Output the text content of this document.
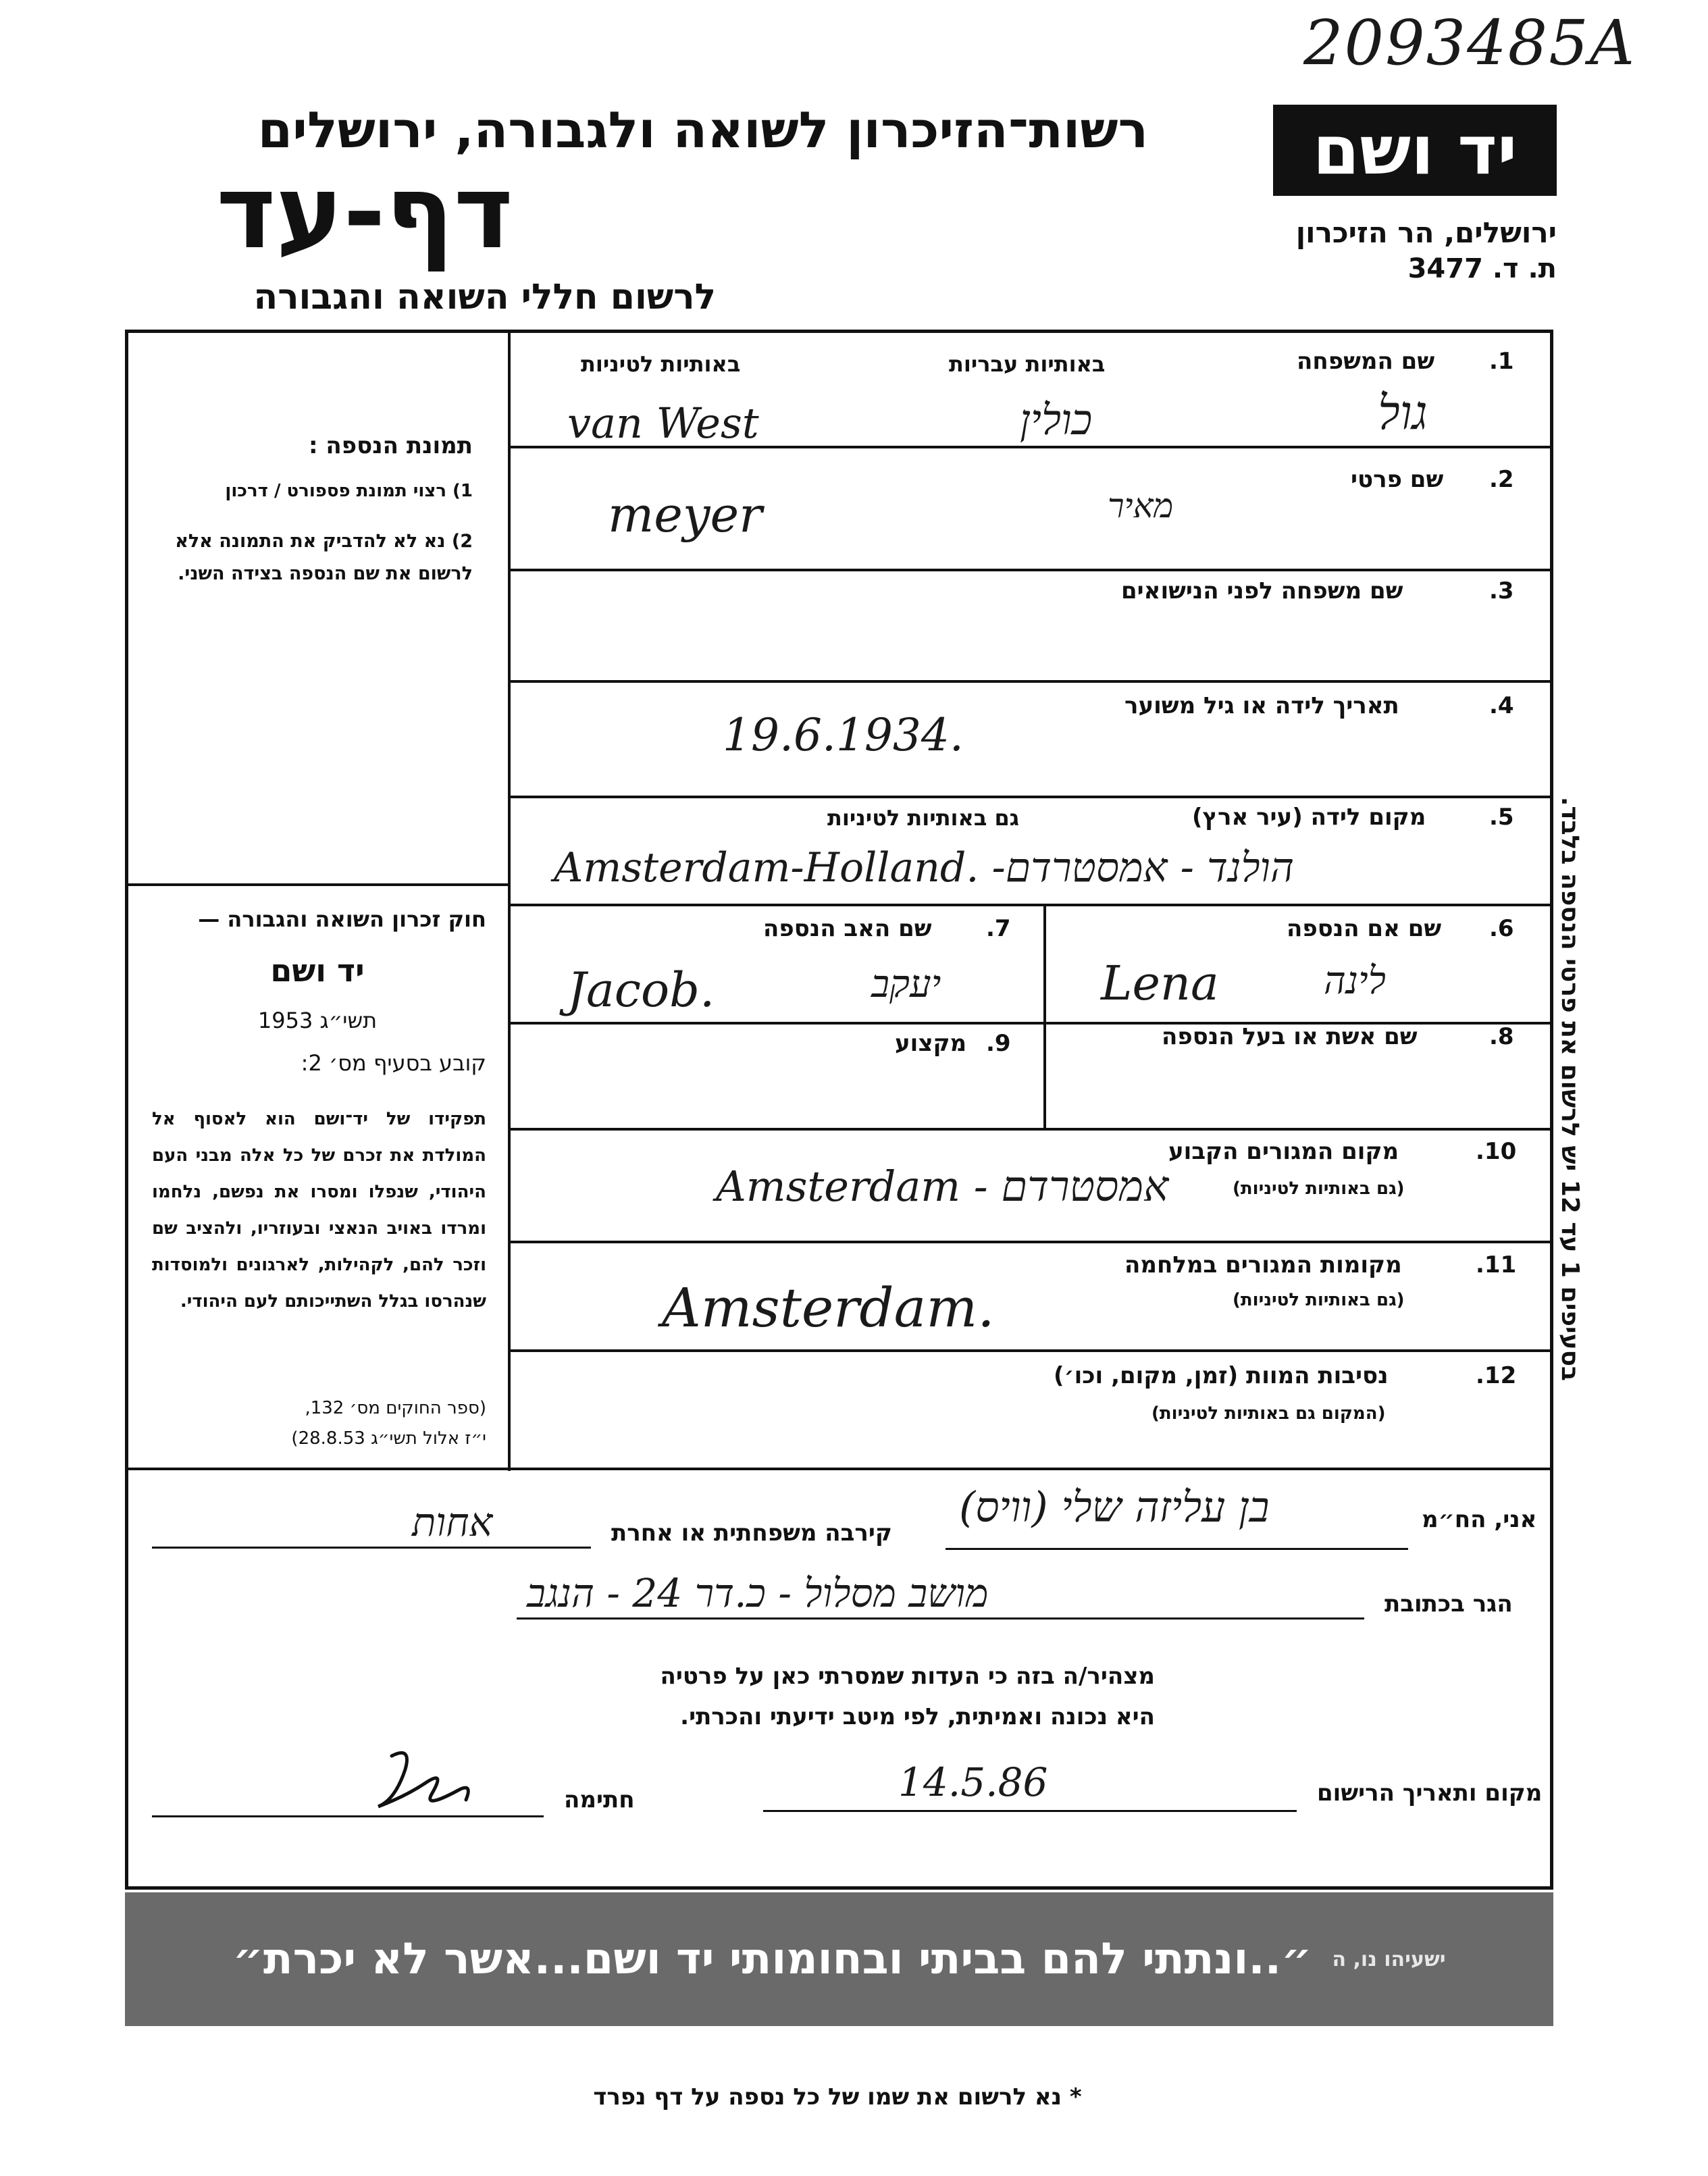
2093485A
רשות־הזיכרון לשואה ולגבורה, ירושלים
דף-עד
לרשום חללי השואה והגבורה
יד ושם
ירושלים, הר הזיכרון
ת. ד. 3477
תמונת הנספה :
1) רצוי תמונת פספורט / דרכון
2) נא לא להדביק את התמונה אלא לרשום את שם הנספה בצידה השני.
חוק זכרון השואה והגבורה —
יד ושם
תשי״ג 1953
קובע בסעיף מס׳ 2:
תפקידו של יד־ושם הוא לאסוף אל המולדת את זכרם של כל אלה מבני העם היהודי, שנפלו ומסרו את נפשם, נלחמו ומרדו באויב הנאצי ובעוזריו, ולהציב שם וזכר להם, לקהילות, לארגונים ולמוסדות שנהרסו בגלל השתייכותם לעם היהודי.
(ספר החוקים מס׳ 132,
י״ז אלול תשי״ג 28.8.53)
1.
שם המשפחה
באותיות עבריות
באותיות לטיניות
van West	כולין	גול
2.
שם פרטי
meyer	מאיר
3.
שם משפחה לפני הנישואים
4.
תאריך לידה או גיל משוער
19.6.1934.
5.
מקום לידה (עיר ארץ)
גם באותיות לטיניות
Amsterdam-Holland. -הולנד - אמסטרדם
6.
שם אם הנספה
Lena	לינה
7.
שם האב הנספה
Jacob.	יעקב
8.
שם אשת או בעל הנספה
9.
מקצוע
10.
מקום המגורים הקבוע
(גם באותיות לטיניות)
Amsterdam - אמסטרדם
11.
מקומות המגורים במלחמה
(גם באותיות לטיניות)
Amsterdam.
12.
נסיבות המוות (זמן, מקום, וכו׳)
(המקום גם באותיות לטיניות)
אני, הח״מ
בן עליזה שלי (וויס)
קירבה משפחתית או אחרת
אחות
הגר בכתובת
מושב מסלול - כ.דר 24 - הנגב
מצהיר/ה בזה כי העדות שמסרתי כאן על פרטיה
היא נכונה ואמיתית, לפי מיטב ידיעתי והכרתי.
מקום ותאריך הרישום
14.5.86
חתימה
ישעיהו נו, ה
״..ונתתי להם בביתי ובחומותי יד ושם...אשר לא יכרת״
* נא לרשום את שמו של כל נספה על דף נפרד
בסעיפים 1 עד 12 יש לרשום את פרטי הנספה בלבד.
